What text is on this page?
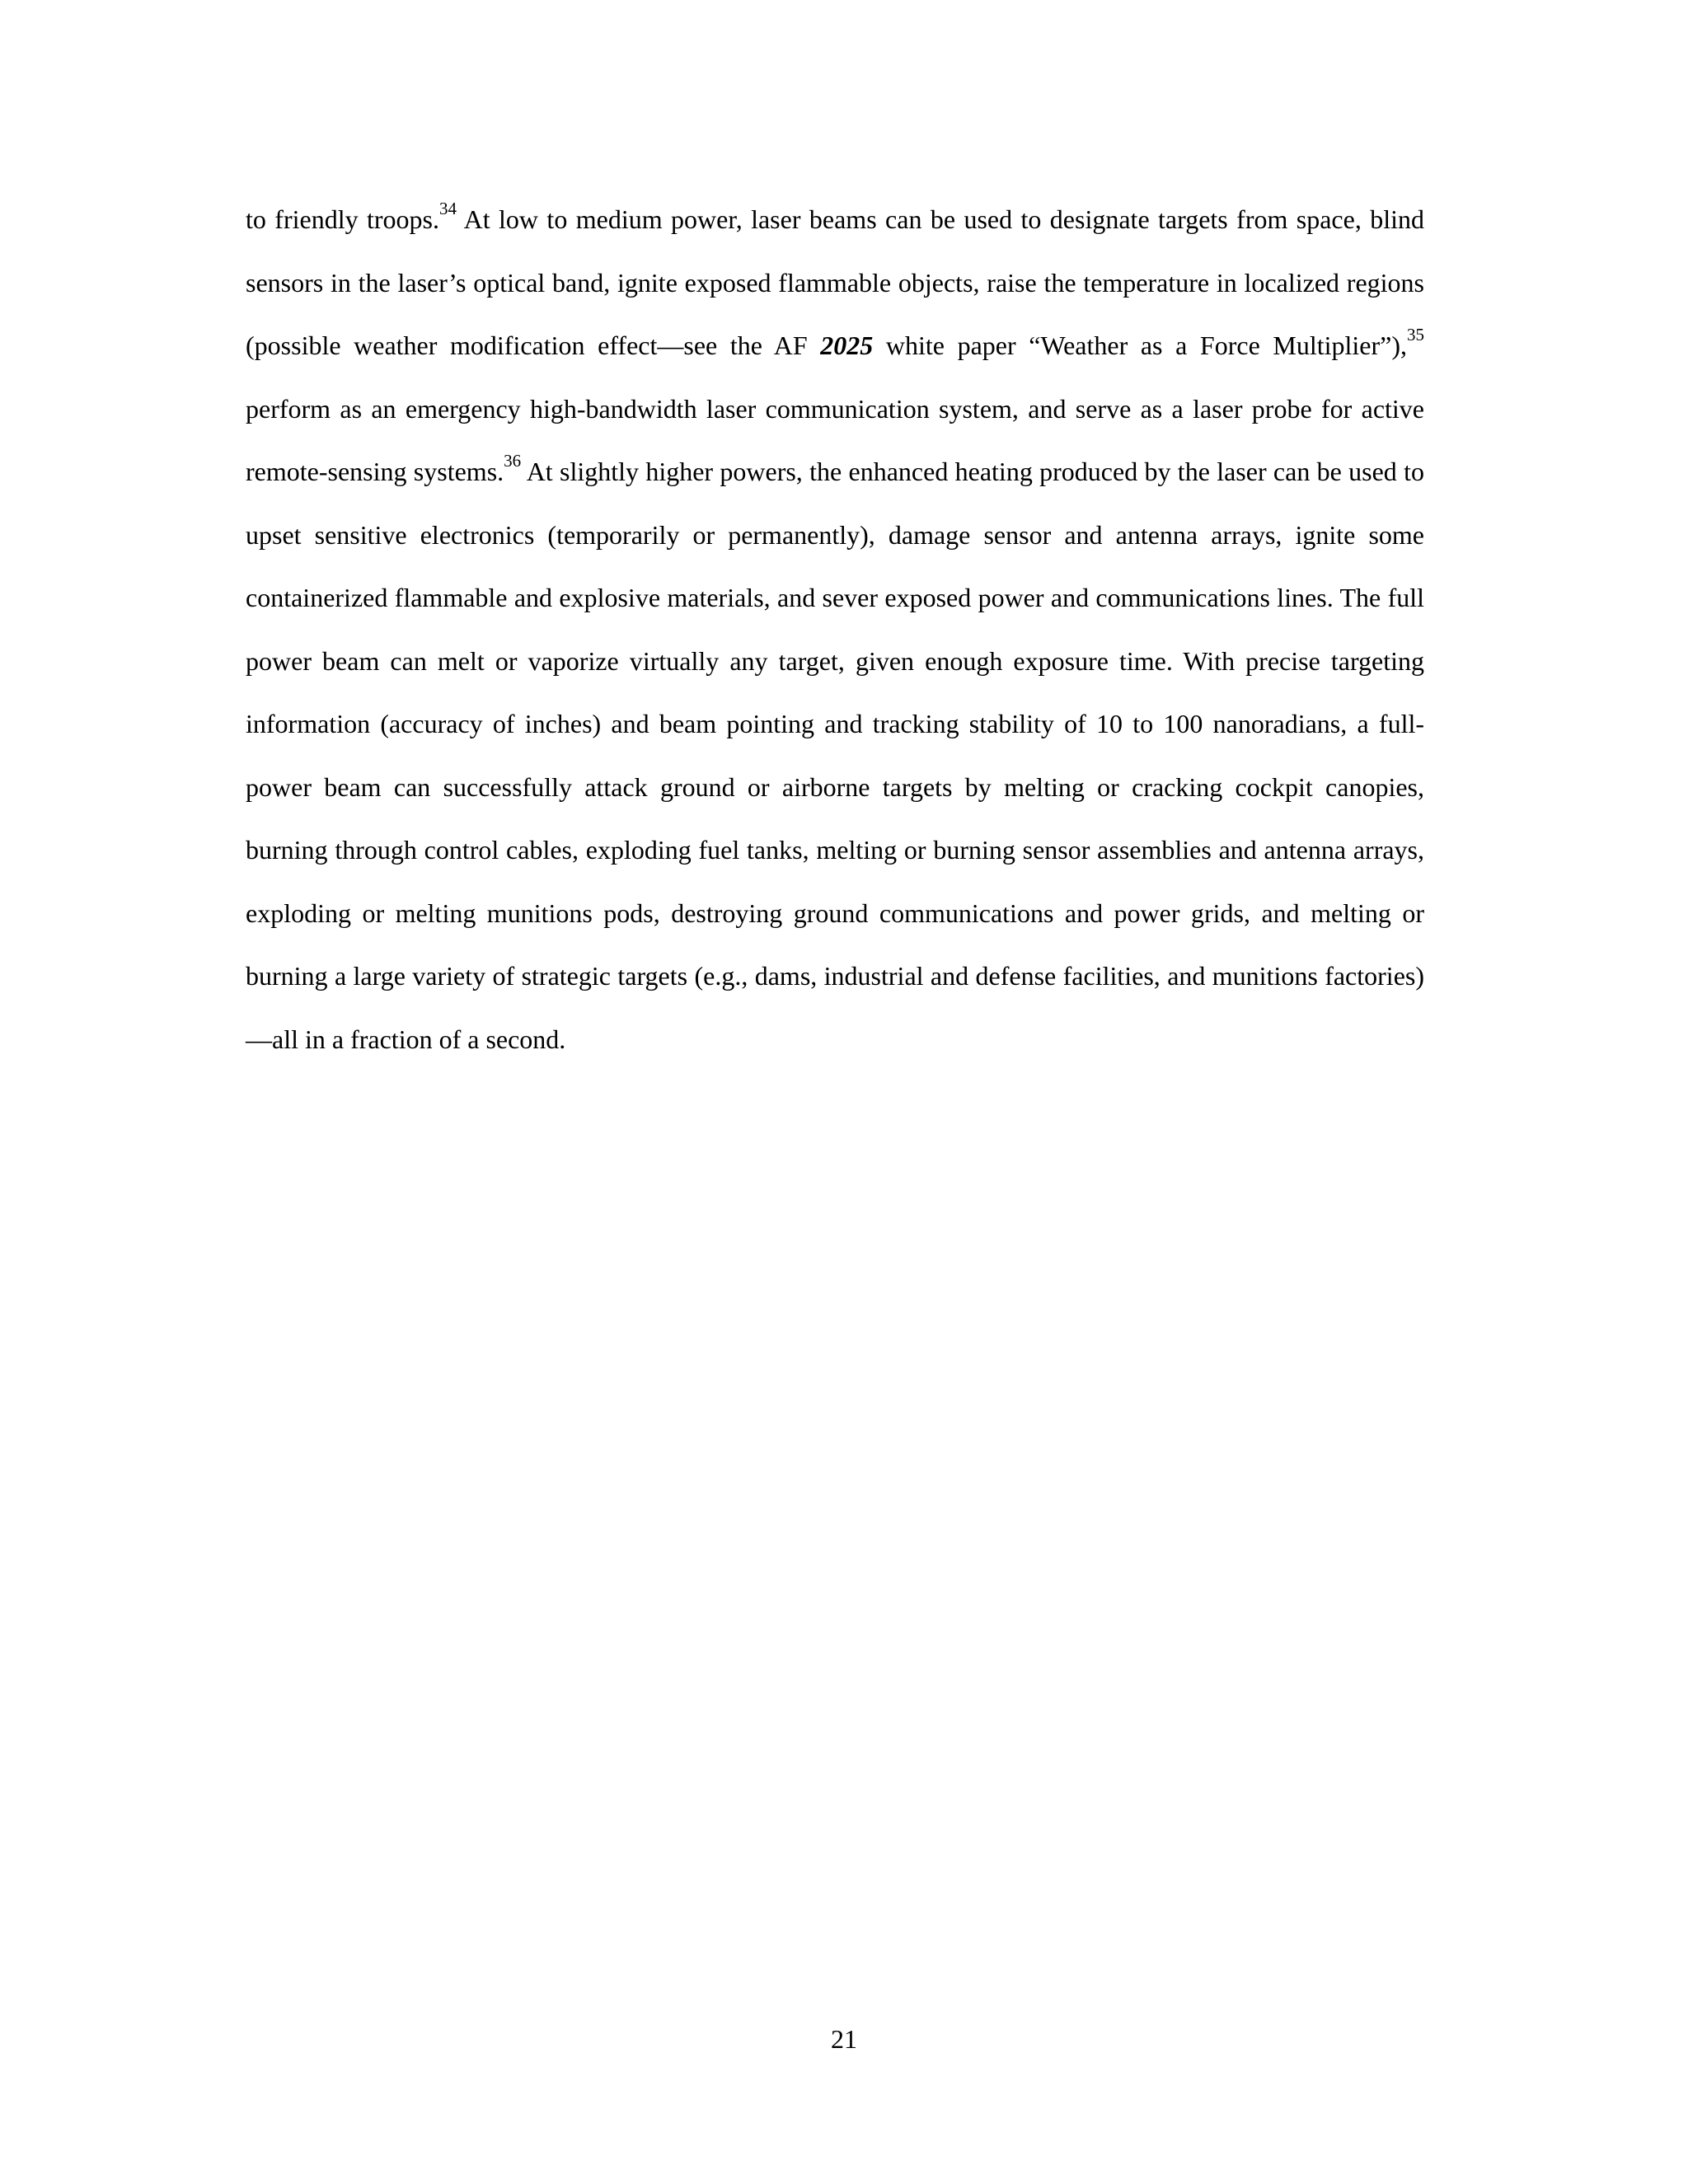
to friendly troops.$^{34}$ At low to medium power, laser beams can be used to designate targets from space, blind sensors in the laser’s optical band, ignite exposed flammable objects, raise the temperature in localized regions (possible weather modification effect—see the AF 2025 white paper “Weather as a Force Multiplier”),$^{35}$ perform as an emergency high-bandwidth laser communication system, and serve as a laser probe for active remote-sensing systems.$^{36}$ At slightly higher powers, the enhanced heating produced by the laser can be used to upset sensitive electronics (temporarily or permanently), damage sensor and antenna arrays, ignite some containerized flammable and explosive materials, and sever exposed power and communications lines. The full power beam can melt or vaporize virtually any target, given enough exposure time. With precise targeting information (accuracy of inches) and beam pointing and tracking stability of 10 to 100 nanoradians, a full-power beam can successfully attack ground or airborne targets by melting or cracking cockpit canopies, burning through control cables, exploding fuel tanks, melting or burning sensor assemblies and antenna arrays, exploding or melting munitions pods, destroying ground communications and power grids, and melting or burning a large variety of strategic targets (e.g., dams, industrial and defense facilities, and munitions factories)—all in a fraction of a second.

21
